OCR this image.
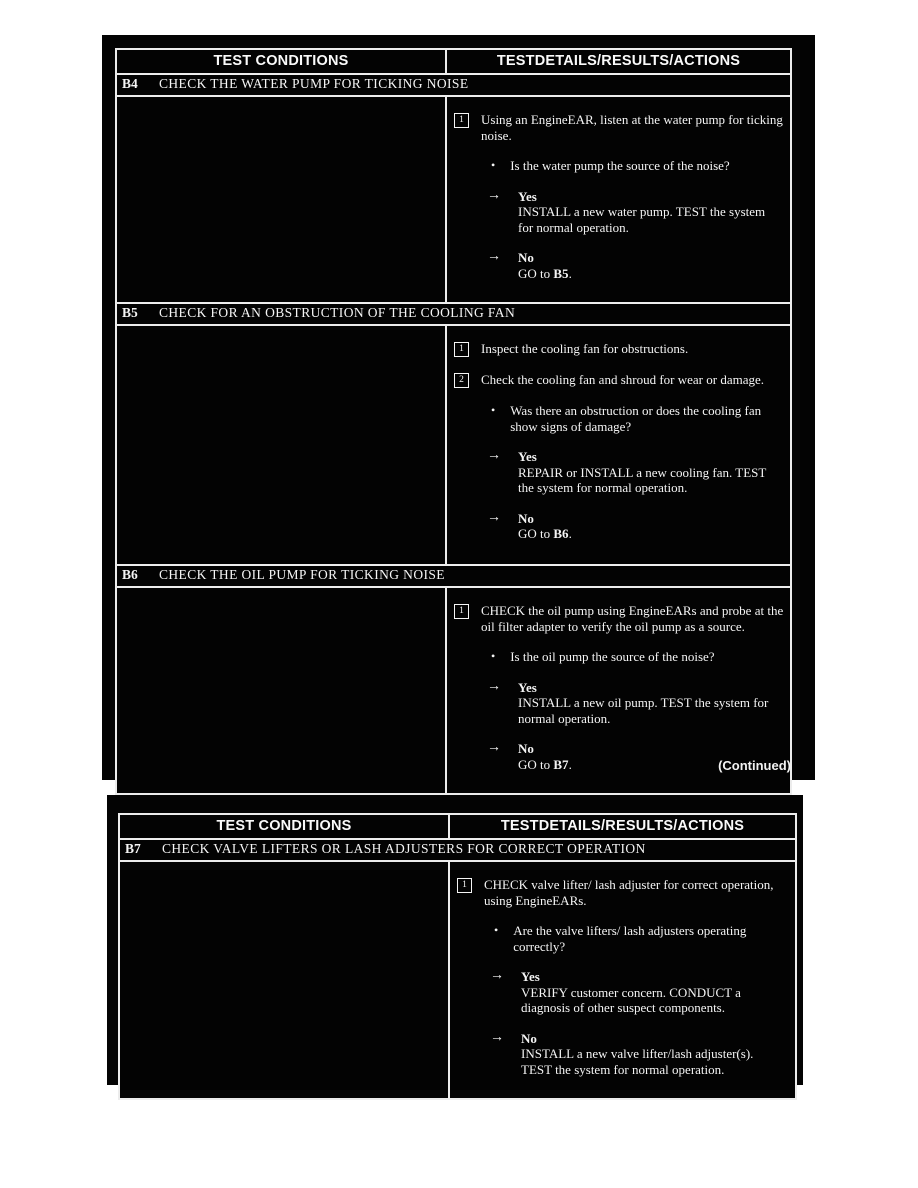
TEST CONDITIONS	TESTDETAILS/RESULTS/ACTIONS
B4	CHECK THE WATER PUMP FOR TICKING NOISE
1	Using an EngineEAR, listen at the water pump for ticking noise.
• Is the water pump the source of the noise?
→ Yes
INSTALL a new water pump. TEST the system for normal operation.
→ No
GO to B5.
B5	CHECK FOR AN OBSTRUCTION OF THE COOLING FAN
1	Inspect the cooling fan for obstructions.
2	Check the cooling fan and shroud for wear or damage.
• Was there an obstruction or does the cooling fan show signs of damage?
→ Yes
REPAIR or INSTALL a new cooling fan. TEST the system for normal operation.
→ No
GO to B6.
B6	CHECK THE OIL PUMP FOR TICKING NOISE
1	CHECK the oil pump using EngineEARs and probe at the oil filter adapter to verify the oil pump as a source.
• Is the oil pump the source of the noise?
→ Yes
INSTALL a new oil pump. TEST the system for normal operation.
→ No
GO to B7.	(Continued)
TEST CONDITIONS	TESTDETAILS/RESULTS/ACTIONS
B7	CHECK VALVE LIFTERS OR LASH ADJUSTERS FOR CORRECT OPERATION
1	CHECK valve lifter/ lash adjuster for correct operation, using EngineEARs.
• Are the valve lifters/ lash adjusters operating correctly?
→ Yes
VERIFY customer concern. CONDUCT a diagnosis of other suspect components.
→ No
INSTALL a new valve lifter/lash adjuster(s). TEST the system for normal operation.
